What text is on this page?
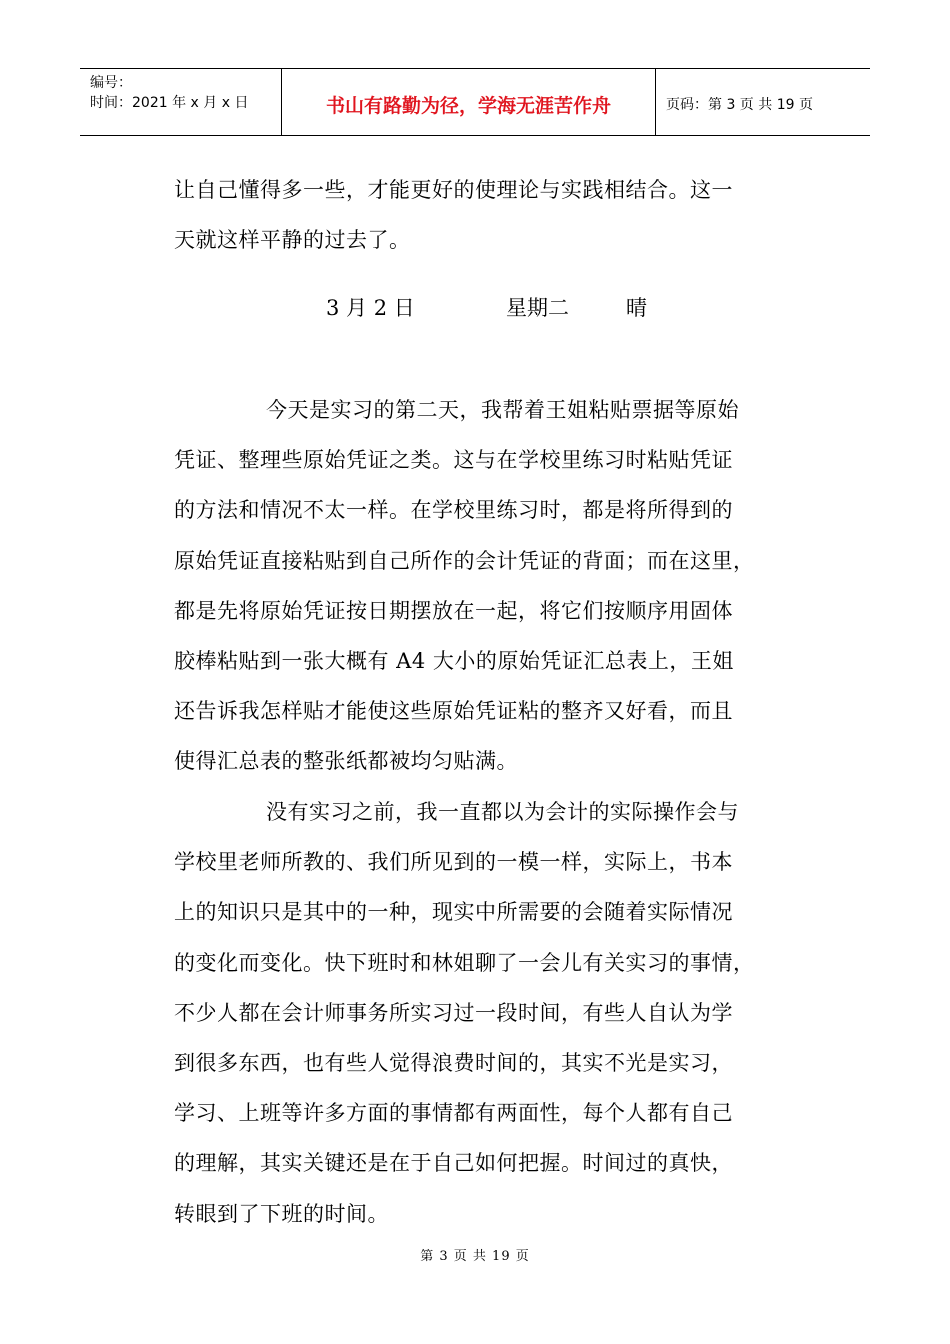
编号：
时间：2021 年 x 月 x 日	书山有路勤为径，学海无涯苦作舟	页码：第 3 页 共 19 页

让自己懂得多一些，才能更好的使理论与实践相结合。这一

天就这样平静的过去了。

3 月 2 日	星期二	晴
今天是实习的第二天，我帮着王姐粘贴票据等原始
凭证、整理些原始凭证之类。这与在学校里练习时粘贴凭证
的方法和情况不太一样。在学校里练习时，都是将所得到的
原始凭证直接粘贴到自己所作的会计凭证的背面；而在这里，
都是先将原始凭证按日期摆放在一起，将它们按顺序用固体
胶棒粘贴到一张大概有 A4 大小的原始凭证汇总表上，王姐
还告诉我怎样贴才能使这些原始凭证粘的整齐又好看，而且
使得汇总表的整张纸都被均匀贴满。
没有实习之前，我一直都以为会计的实际操作会与
学校里老师所教的、我们所见到的一模一样，实际上，书本
上的知识只是其中的一种，现实中所需要的会随着实际情况
的变化而变化。快下班时和林姐聊了一会儿有关实习的事情，
不少人都在会计师事务所实习过一段时间，有些人自认为学
到很多东西，也有些人觉得浪费时间的，其实不光是实习，
学习、上班等许多方面的事情都有两面性，每个人都有自己
的理解，其实关键还是在于自己如何把握。时间过的真快，
转眼到了下班的时间。
第 3 页 共 19 页
